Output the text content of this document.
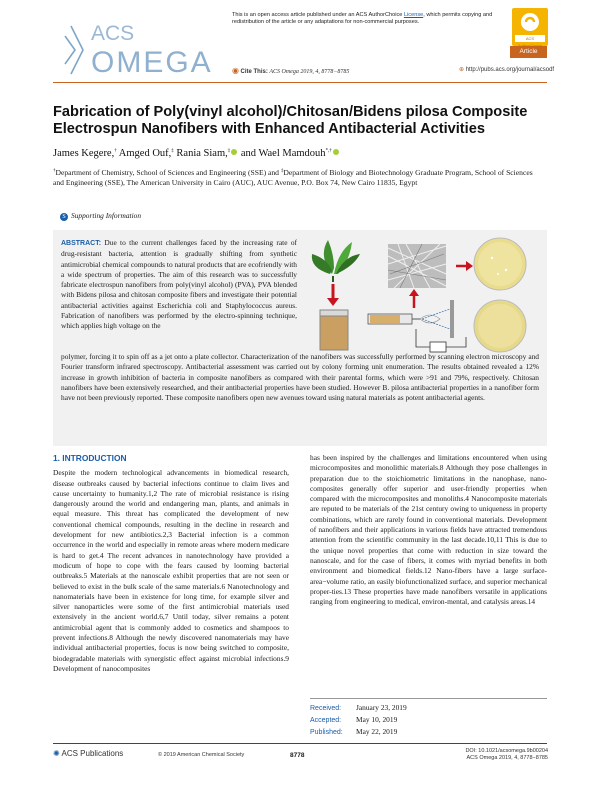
This is an open access article published under an ACS AuthorChoice License, which permits copying and redistribution of the article or any adaptations for non-commercial purposes.
ACS
ACS
OMEGA	Article
◉ Cite This: ACS Omega 2019, 4, 8778−8785	⊕ http://pubs.acs.org/journal/acsodf
Fabrication of Poly(vinyl alcohol)/Chitosan/Bidens pilosa Composite
Electrospun Nanofibers with Enhanced Antibacterial Activities
James Kegere,† Amged Ouf,‡ Rania Siam,‡ and Wael Mamdouh*,†
†Department of Chemistry, School of Sciences and Engineering (SSE) and ‡Department of Biology and Biotechnology Graduate Program, School of Sciences and Engineering (SSE), The American University in Cairo (AUC), AUC Avenue, P.O. Box 74, New Cairo 11835, Egypt
S Supporting Information
ABSTRACT: Due to the current challenges faced by the increasing rate of drug-resistant bacteria, attention is gradually shifting from synthetic antimicrobial chemical compounds to natural products that are ecofriendly with a wide spectrum of properties. The aim of this research was to successfully fabricate electrospun nanofibers from poly(vinyl alcohol) (PVA), PVA blended with Bidens pilosa and chitosan composite fibers and investigate their potential antibacterial activities against Escherichia coli and Staphylococcus aureus. Fabrication of nanofibers was performed by the electro-spinning technique, which applies high voltage on the
polymer, forcing it to spin off as a jet onto a plate collector. Characterization of the nanofibers was successfully performed by scanning electron microscopy and Fourier transform infrared spectroscopy. Antibacterial assessment was carried out by colony forming unit enumeration. The results obtained revealed a 12% increase in growth inhibition of bacteria in composite nanofibers as compared with their parental forms, which were >91 and 79%, respectively. Chitosan nanofibers have been extensively researched, and their antibacterial properties have been studied. However B. pilosa antibacterial properties in a nanofiber form have not been previously reported. These composite nanofibers open new avenues toward using natural materials as potent antibacterial agents.
1. INTRODUCTION
Despite the modern technological advancements in biomedical research, disease outbreaks caused by bacterial infections continue to claim lives and cause uncertainty to humanity.1,2 The rate of microbial resistance is rising dangerously around the world and endangering man, plants, and animals in equal measure. This threat has complicated the development of new conventional chemical compounds, resulting in the decline in research and development for new antibiotics.2,3 Bacterial infection is a common occurrence in the world and especially in remote areas where modern medicare is hard to get.4 The recent advances in nanotechnology have provided a modicum of hope to cope with the fears caused by looming bacterial outbreaks.5 Materials at the nanoscale exhibit properties that are not seen or believed to exist in the bulk scale of the same materials.6 Nanotechnology and nanomaterials have been in existence for long time, for example silver and silver nanoparticles were some of the first antimicrobial materials used extensively in the ancient world.6,7 Until today, silver remains a potent antimicrobial agent that is commonly added to cosmetics and shampoos to prevent infections.8 Although the newly discovered nanomaterials may have individual antibacterial properties, focus is now being switched to composite, biodegradable materials with synergistic effect against microbial infections.9 Development of nanocomposites
has been inspired by the challenges and limitations encountered when using microcomposites and monolithic materials.8 Although they pose challenges in preparation due to the stoichiometric limitations in the nanophase, nano-composites generally offer superior and user-friendly properties when compared with the microcomposites and monoliths.4 Nanocomposite materials are reputed to be materials of the 21st century owing to uniqueness in property combinations, which are rarely found in conventional materials. Development of nanofibers and their applications in various fields have attracted tremendous attention from the scientific community in the last decade.10,11 This is due to the unique novel properties that come with reduction in size toward the nanoscale, and for the case of fibers, it comes with myriad benefits in both environment and biomedical fields.12 Nano-fibers have a large surface-area−volume ratio, an easily biofunctionalized surface, and superior mechanical proper-ties.13 These properties have made nanofibers versatile in applications ranging from engineering to medical, environ-mental, and catalysis areas.14
Received: January 23, 2019
Accepted: May 10, 2019
Published: May 22, 2019
✺ ACS Publications	© 2019 American Chemical Society	8778
DOI: 10.1021/acsomega.9b00204
ACS Omega 2019, 4, 8778−8785
